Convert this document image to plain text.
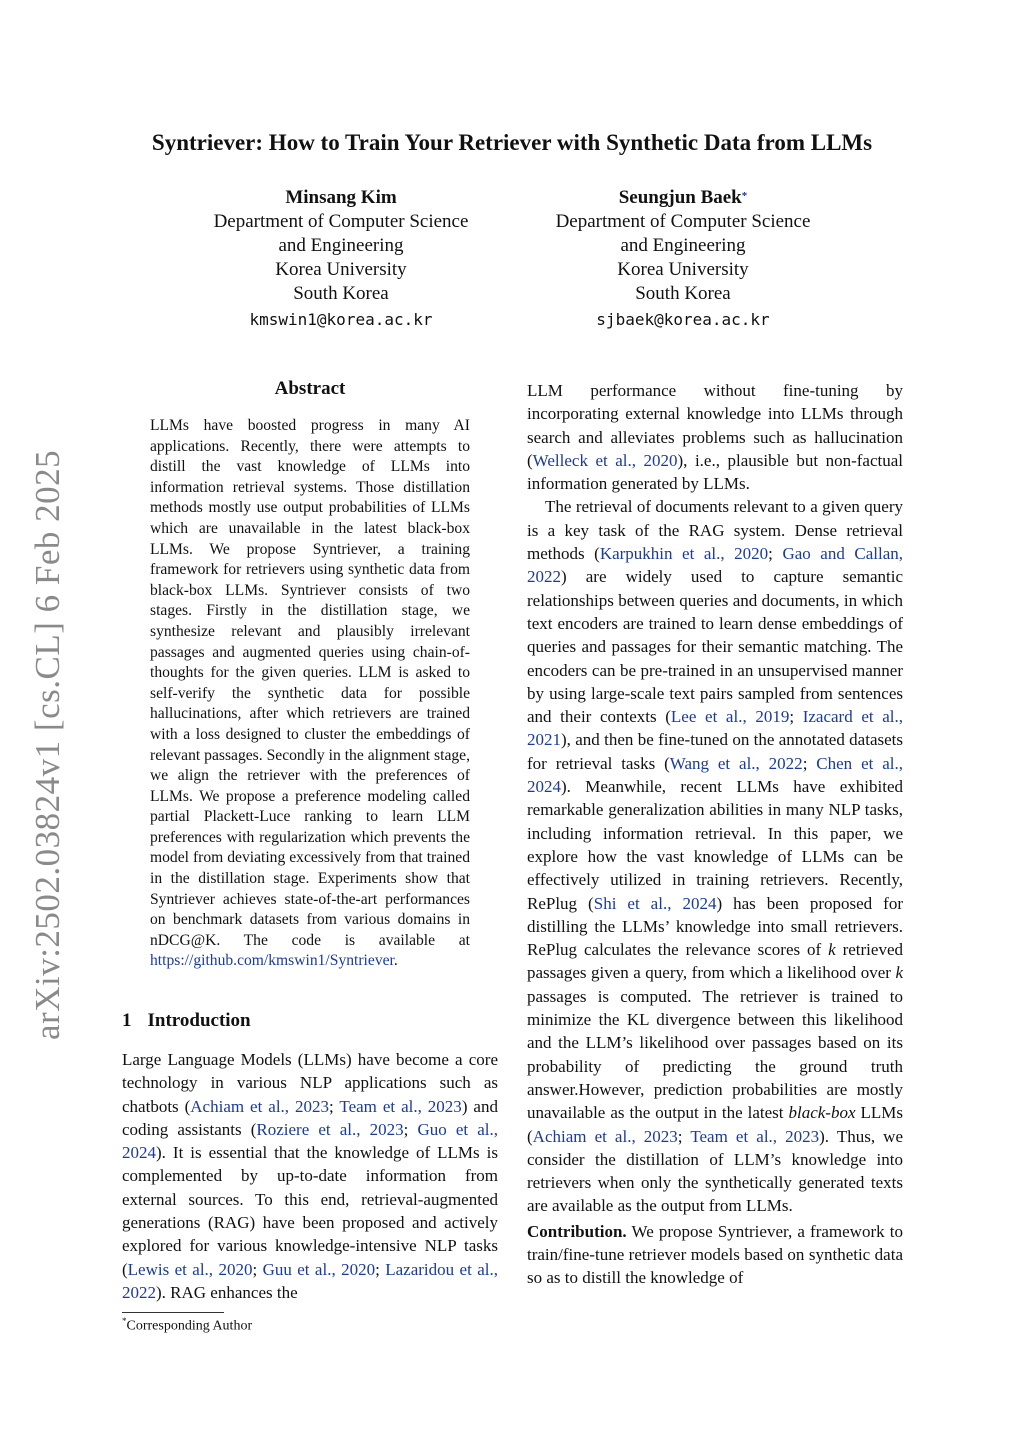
arXiv:2502.03824v1 [cs.CL] 6 Feb 2025
Syntriever: How to Train Your Retriever with Synthetic Data from LLMs
Minsang Kim
Department of Computer Science
and Engineering
Korea University
South Korea
kmswin1@korea.ac.kr
Seungjun Baek*
Department of Computer Science
and Engineering
Korea University
South Korea
sjbaek@korea.ac.kr
Abstract
LLMs have boosted progress in many AI applications. Recently, there were attempts to distill the vast knowledge of LLMs into information retrieval systems. Those distillation methods mostly use output probabilities of LLMs which are unavailable in the latest black-box LLMs. We propose Syntriever, a training framework for retrievers using synthetic data from black-box LLMs. Syntriever consists of two stages. Firstly in the distillation stage, we synthesize relevant and plausibly irrelevant passages and augmented queries using chain-of-thoughts for the given queries. LLM is asked to self-verify the synthetic data for possible hallucinations, after which retrievers are trained with a loss designed to cluster the embeddings of relevant passages. Secondly in the alignment stage, we align the retriever with the preferences of LLMs. We propose a preference modeling called partial Plackett-Luce ranking to learn LLM preferences with regularization which prevents the model from deviating excessively from that trained in the distillation stage. Experiments show that Syntriever achieves state-of-the-art performances on benchmark datasets from various domains in nDCG@K. The code is available at https://github.com/kmswin1/Syntriever.
1 Introduction
Large Language Models (LLMs) have become a core technology in various NLP applications such as chatbots (Achiam et al., 2023; Team et al., 2023) and coding assistants (Roziere et al., 2023; Guo et al., 2024). It is essential that the knowledge of LLMs is complemented by up-to-date information from external sources. To this end, retrieval-augmented generations (RAG) have been proposed and actively explored for various knowledge-intensive NLP tasks (Lewis et al., 2020; Guu et al., 2020; Lazaridou et al., 2022). RAG enhances the
*Corresponding Author

LLM performance without fine-tuning by incorporating external knowledge into LLMs through search and alleviates problems such as hallucination (Welleck et al., 2020), i.e., plausible but non-factual information generated by LLMs.

The retrieval of documents relevant to a given query is a key task of the RAG system. Dense retrieval methods (Karpukhin et al., 2020; Gao and Callan, 2022) are widely used to capture semantic relationships between queries and documents, in which text encoders are trained to learn dense embeddings of queries and passages for their semantic matching. The encoders can be pre-trained in an unsupervised manner by using large-scale text pairs sampled from sentences and their contexts (Lee et al., 2019; Izacard et al., 2021), and then be fine-tuned on the annotated datasets for retrieval tasks (Wang et al., 2022; Chen et al., 2024). Meanwhile, recent LLMs have exhibited remarkable generalization abilities in many NLP tasks, including information retrieval. In this paper, we explore how the vast knowledge of LLMs can be effectively utilized in training retrievers. Recently, RePlug (Shi et al., 2024) has been proposed for distilling the LLMs’ knowledge into small retrievers. RePlug calculates the relevance scores of k retrieved passages given a query, from which a likelihood over k passages is computed. The retriever is trained to minimize the KL divergence between this likelihood and the LLM’s likelihood over passages based on its probability of predicting the ground truth answer.However, prediction probabilities are mostly unavailable as the output in the latest black-box LLMs (Achiam et al., 2023; Team et al., 2023). Thus, we consider the distillation of LLM’s knowledge into retrievers when only the synthetically generated texts are available as the output from LLMs.

Contribution. We propose Syntriever, a framework to train/fine-tune retriever models based on synthetic data so as to distill the knowledge of
